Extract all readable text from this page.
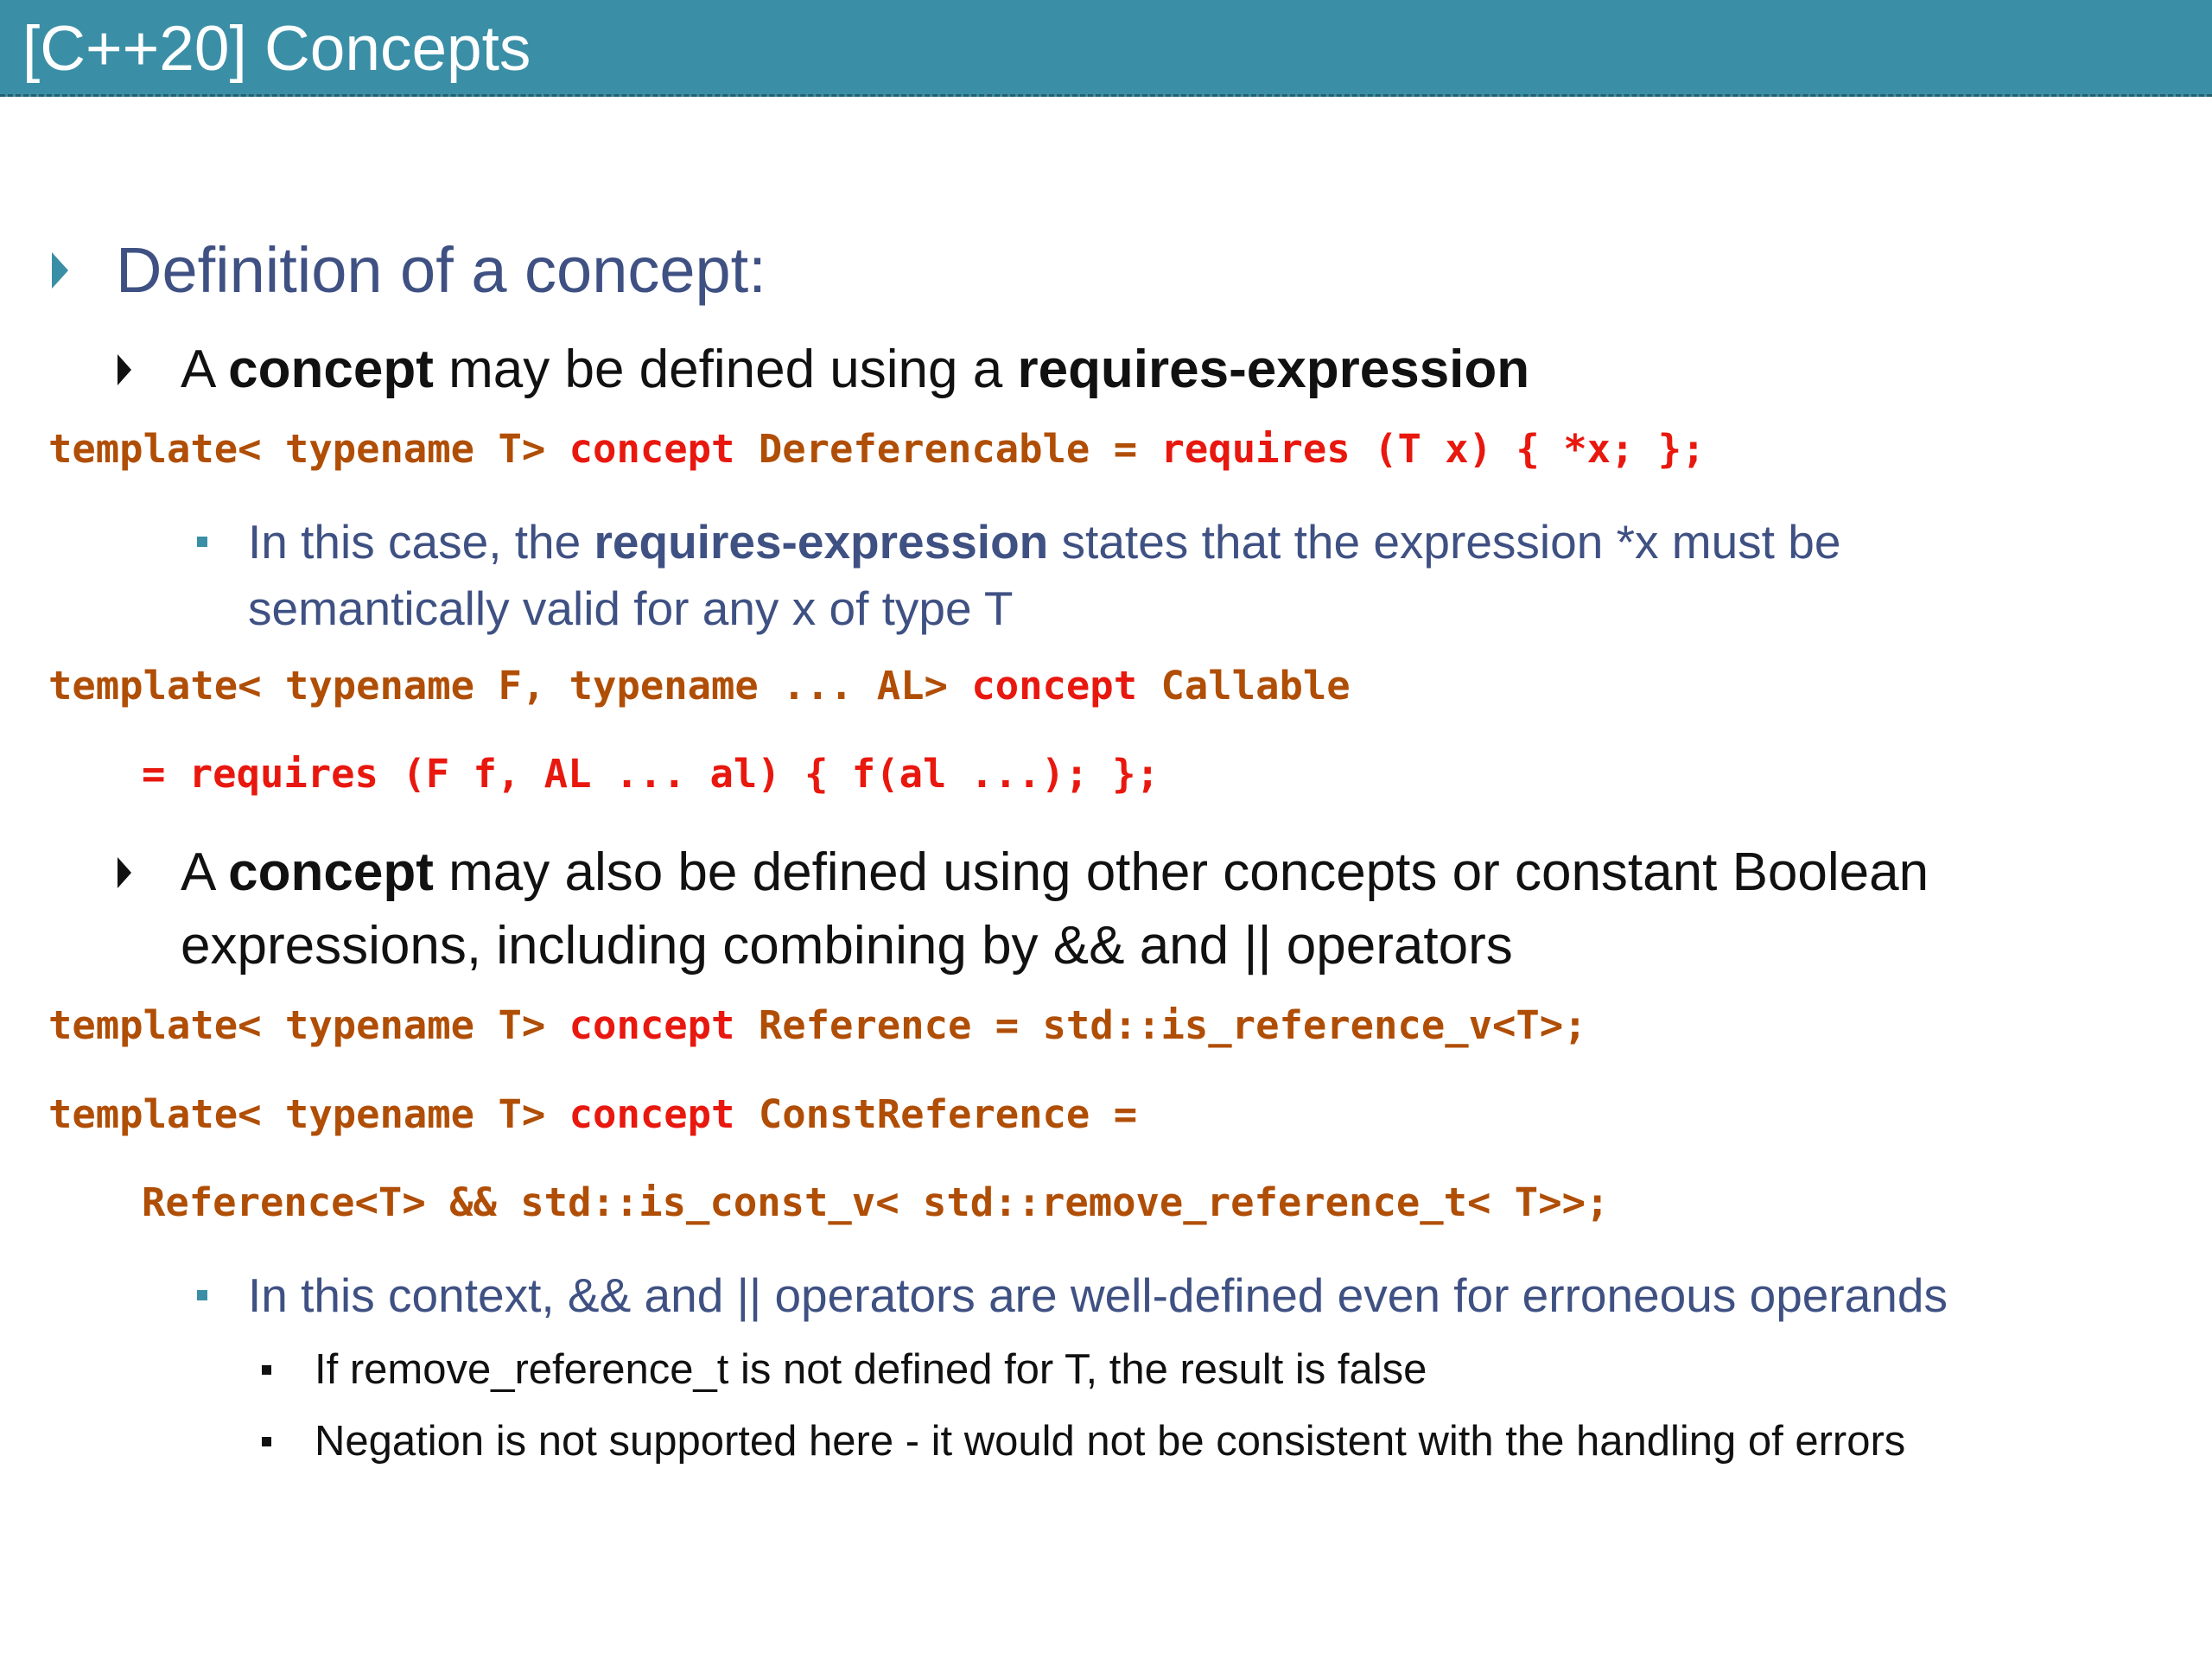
[C++20] Concepts
Definition of a concept:
A concept may be defined using a requires-expression
template< typename T> concept Dereferencable = requires (T x) { *x; };
In this case, the requires-expression states that the expression *x must be
semantically valid for any x of type T
template< typename F, typename ... AL> concept Callable
= requires (F f, AL ... al) { f(al ...); };
A concept may also be defined using other concepts or constant Boolean
expressions, including combining by && and || operators
template< typename T> concept Reference = std::is_reference_v<T>;
template< typename T> concept ConstReference =
Reference<T> && std::is_const_v< std::remove_reference_t< T>>;
In this context, && and || operators are well-defined even for erroneous operands
If remove_reference_t is not defined for T, the result is false
Negation is not supported here - it would not be consistent with the handling of errors
